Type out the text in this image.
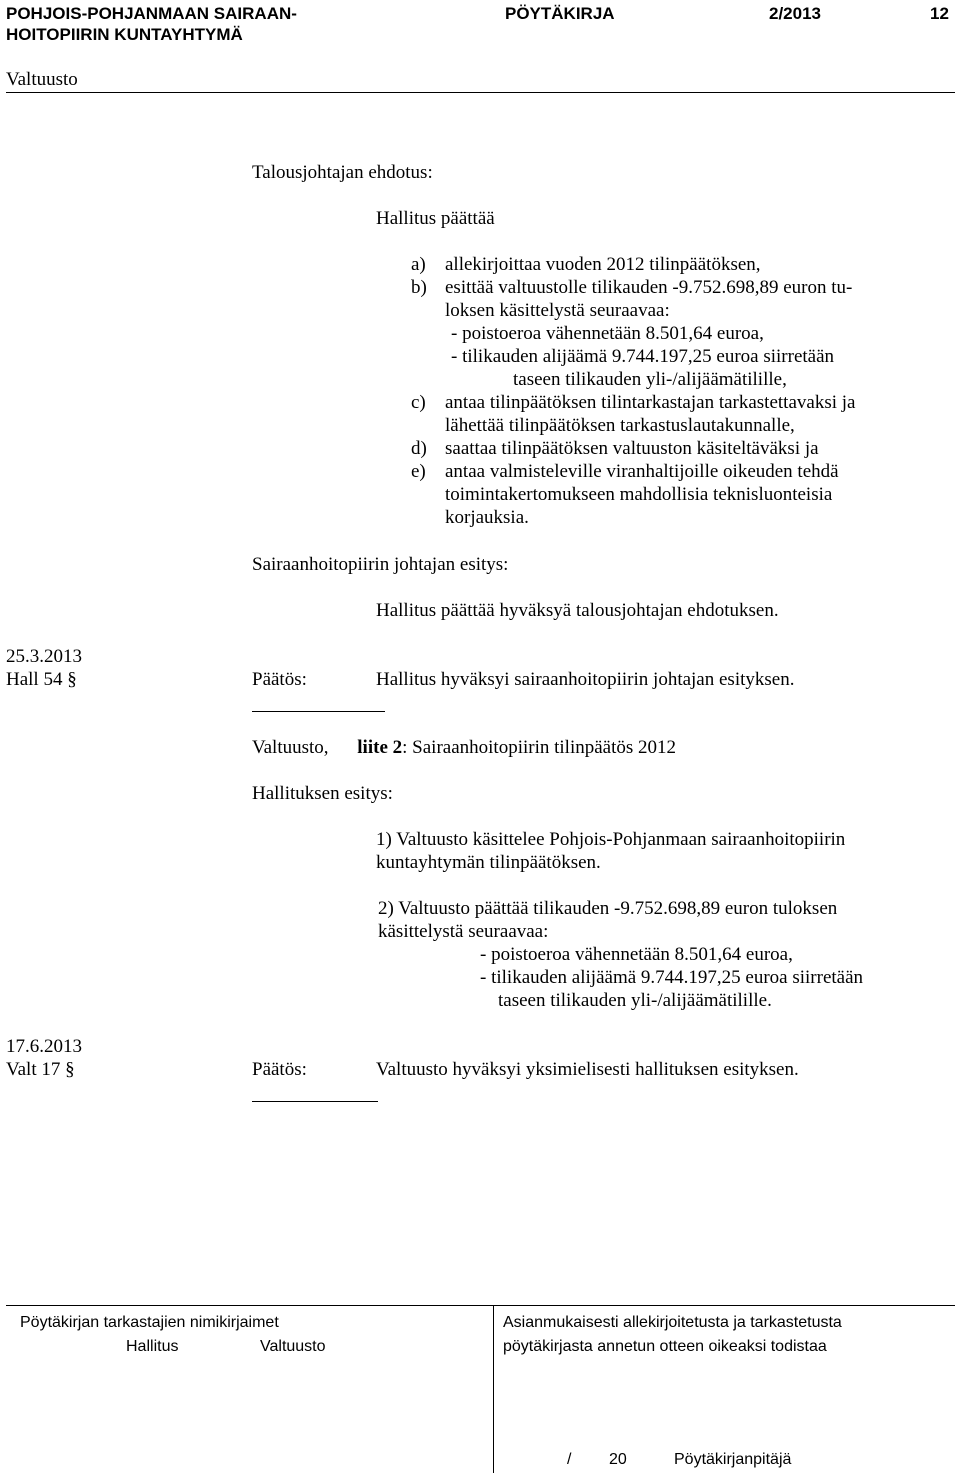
POHJOIS-POHJANMAAN SAIRAAN-
HOITOPIIRIN KUNTAYHTYMÄ
PÖYTÄKIRJA	2/2013	12
Valtuusto
Talousjohtajan ehdotus:
Hallitus päättää
a) allekirjoittaa vuoden 2012 tilinpäätöksen,
b) esittää valtuustolle tilikauden -9.752.698,89 euron tu-
loksen käsittelystä seuraavaa:
- poistoeroa vähennetään 8.501,64 euroa,
- tilikauden alijäämä 9.744.197,25 euroa siirretään
taseen tilikauden yli-/alijäämätilille,
c) antaa tilinpäätöksen tilintarkastajan tarkastettavaksi ja
lähettää tilinpäätöksen tarkastuslautakunnalle,
d) saattaa tilinpäätöksen valtuuston käsiteltäväksi ja
e) antaa valmisteleville viranhaltijoille oikeuden tehdä
toimintakertomukseen mahdollisia teknisluonteisia
korjauksia.
Sairaanhoitopiirin johtajan esitys:
Hallitus päättää hyväksyä talousjohtajan ehdotuksen.
25.3.2013
Hall 54 §	Päätös:	Hallitus hyväksyi sairaanhoitopiirin johtajan esityksen.
Valtuusto, liite 2: Sairaanhoitopiirin tilinpäätös 2012
Hallituksen esitys:
1) Valtuusto käsittelee Pohjois-Pohjanmaan sairaanhoitopiirin
kuntayhtymän tilinpäätöksen.
2) Valtuusto päättää tilikauden -9.752.698,89 euron tuloksen
käsittelystä seuraavaa:
- poistoeroa vähennetään 8.501,64 euroa,
- tilikauden alijäämä 9.744.197,25 euroa siirretään
taseen tilikauden yli-/alijäämätilille.
17.6.2013
Valt 17 §	Päätös:	Valtuusto hyväksyi yksimielisesti hallituksen esityksen.
Pöytäkirjan tarkastajien nimikirjaimet
Hallitus	Valtuusto
Asianmukaisesti allekirjoitetusta ja tarkastetusta
pöytäkirjasta annetun otteen oikeaksi todistaa
/ 20	Pöytäkirjanpitäjä
